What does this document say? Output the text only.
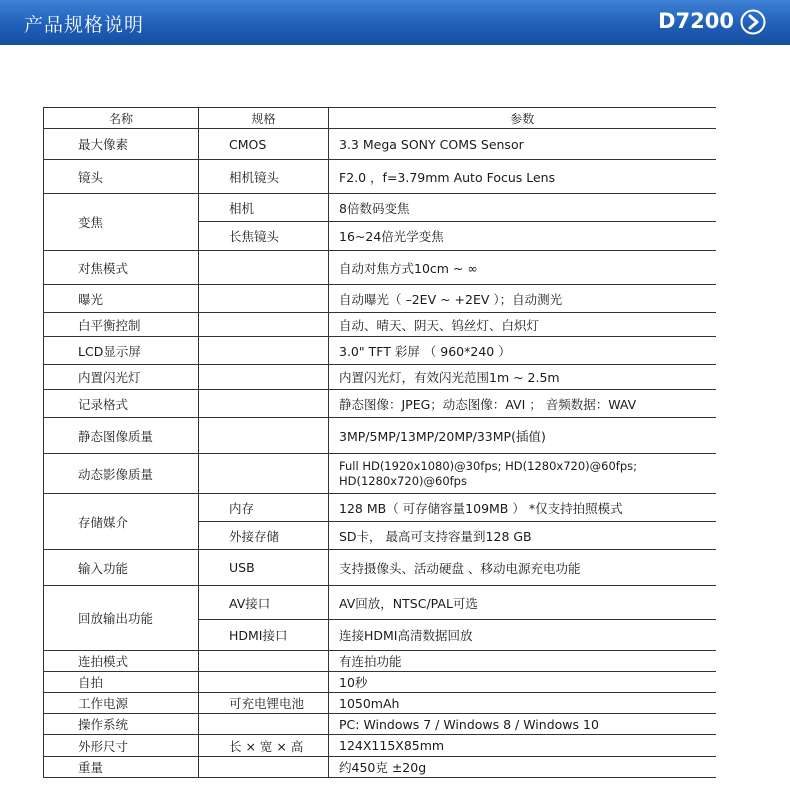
产品规格说明	D7200
名称	规格	参数
最大像素	CMOS	3.3 Mega SONY COMS Sensor
镜头	相机镜头	F2.0 ，f=3.79mm Auto Focus Lens
变焦	相机	8倍数码变焦
	长焦镜头	16~24倍光学变焦
对焦模式		自动对焦方式10cm ~ ∞
曝光		自动曝光（ –2EV ~ +2EV ）；自动测光
白平衡控制		自动、晴天、阴天、钨丝灯、白炽灯
LCD显示屏		3.0" TFT 彩屏 （ 960*240 ）
内置闪光灯		内置闪光灯，有效闪光范围1m ~ 2.5m
记录格式		静态图像：JPEG；动态图像：AVI ； 音频数据：WAV
静态图像质量		3MP/5MP/13MP/20MP/33MP(插值)
动态影像质量		Full HD(1920x1080)@30fps; HD(1280x720)@60fps; HD(1280x720)@60fps
存储媒介	内存	128 MB（ 可存储容量109MB ） *仅支持拍照模式
	外接存储	SD卡， 最高可支持容量到128 GB
输入功能	USB	支持摄像头、活动硬盘 、移动电源充电功能
回放输出功能	AV接口	AV回放，NTSC/PAL可选
	HDMI接口	连接HDMI高清数据回放
连拍模式		有连拍功能
自拍		10秒
工作电源	可充电锂电池	1050mAh
操作系统		PC: Windows 7 / Windows 8 / Windows 10
外形尺寸	长 × 宽 × 高	124X115X85mm
重量		约450克 ±20g
